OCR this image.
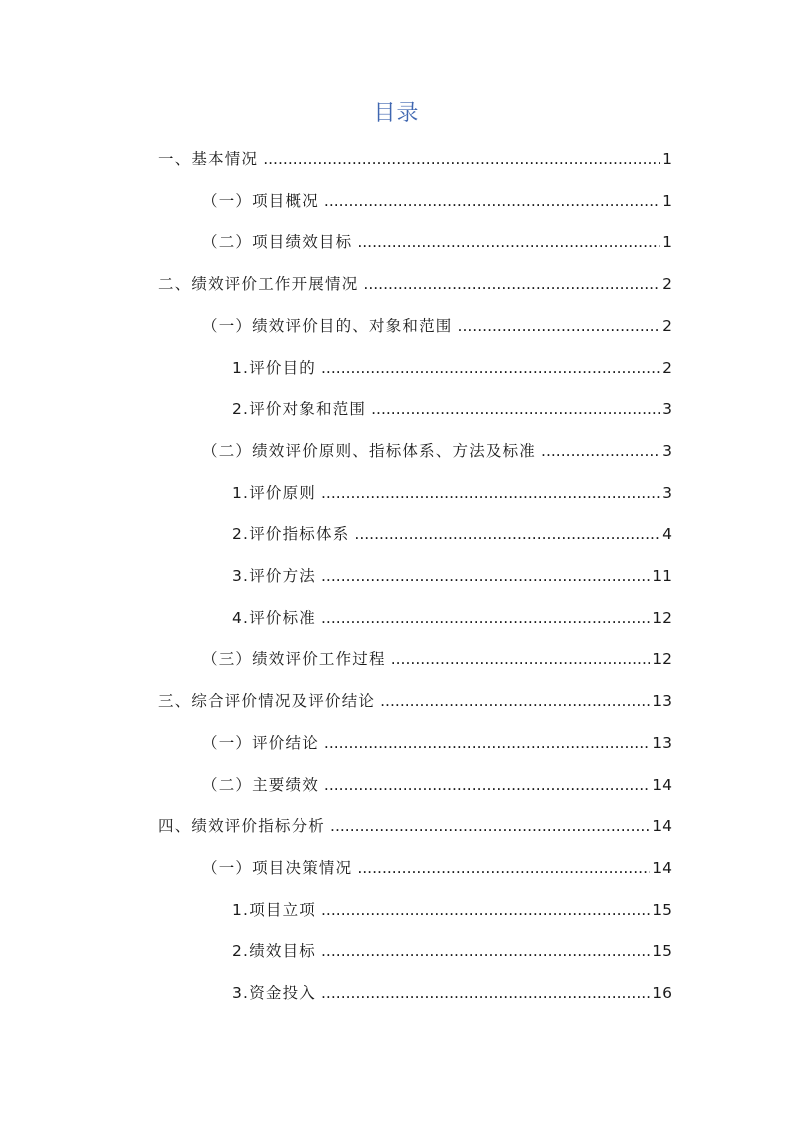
目录
一、基本情况 .....	1
（一）项目概况 .....	1
（二）项目绩效目标 .....	1
二、绩效评价工作开展情况 .....	2
（一）绩效评价目的、对象和范围 .....	2
1.评价目的 .....	2
2.评价对象和范围 .....	3
（二）绩效评价原则、指标体系、方法及标准 .....	3
1.评价原则 .....	3
2.评价指标体系 .....	4
3.评价方法 .....	11
4.评价标准 .....	12
（三）绩效评价工作过程 .....	12
三、综合评价情况及评价结论 .....	13
（一）评价结论 .....	13
（二）主要绩效 .....	14
四、绩效评价指标分析 .....	14
（一）项目决策情况 .....	14
1.项目立项 .....	15
2.绩效目标 .....	15
3.资金投入 .....	16
